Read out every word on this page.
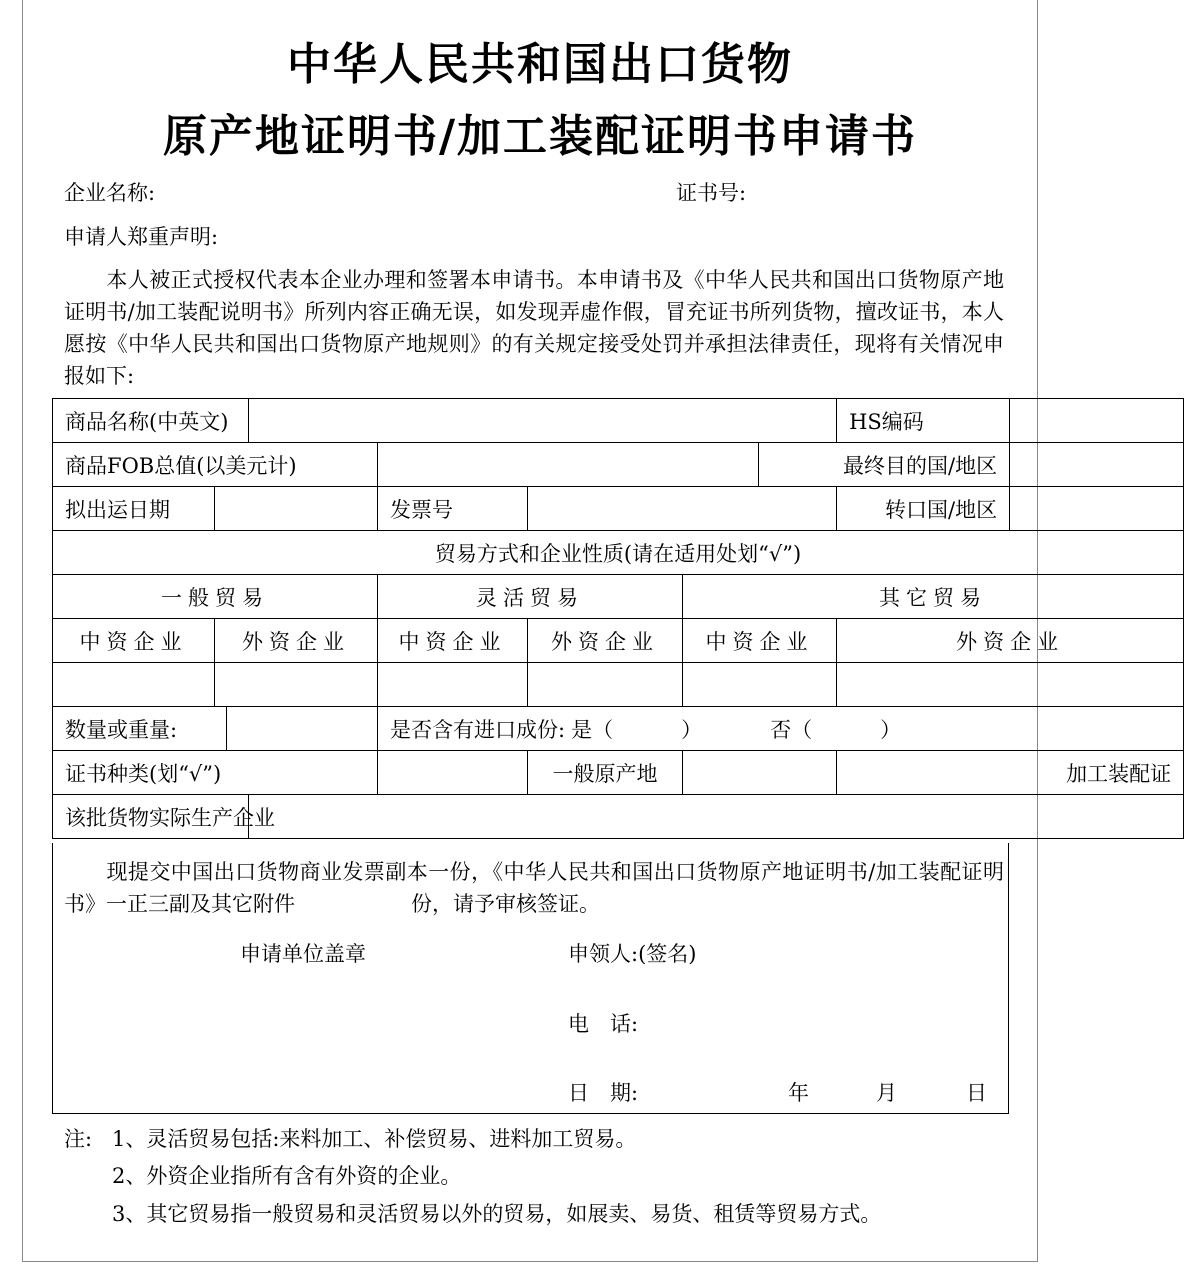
中华人民共和国出口货物
原产地证明书/加工装配证明书申请书
企业名称:	证书号:
申请人郑重声明:
本人被正式授权代表本企业办理和签署本申请书。本申请书及《中华人民共和国出口货物原产地证明书/加工装配说明书》所列内容正确无误，如发现弄虚作假，冒充证书所列货物，擅改证书，本人愿按《中华人民共和国出口货物原产地规则》的有关规定接受处罚并承担法律责任，现将有关情况申报如下:
商品名称(中英文)								HS编码	
商品FOB总值(以美元计)							最终目的国/地区		
拟出运日期				发票号				转口国/地区	
贸易方式和企业性质(请在适用处划“√”)									
一般贸易				灵活贸易		其它贸易			
中资企业	外资企业			中资企业	外资企业	中资企业		外资企业	

数量或重量:				是否含有进口成份: 是（ ） 否（ ）					
证书种类(划“√”)					一般原产地			加工装配证	
该批货物实际生产企业									
现提交中国出口货物商业发票副本一份，《中华人民共和国出口货物原产地证明书/加工装配证明书》一正三副及其它附件	份，请予审核签证。
申请单位盖章	申领人:(签名)
电　话:
日　期:	年	月	日
注: 1、灵活贸易包括:来料加工、补偿贸易、进料加工贸易。
2、外资企业指所有含有外资的企业。
3、其它贸易指一般贸易和灵活贸易以外的贸易，如展卖、易货、租赁等贸易方式。
